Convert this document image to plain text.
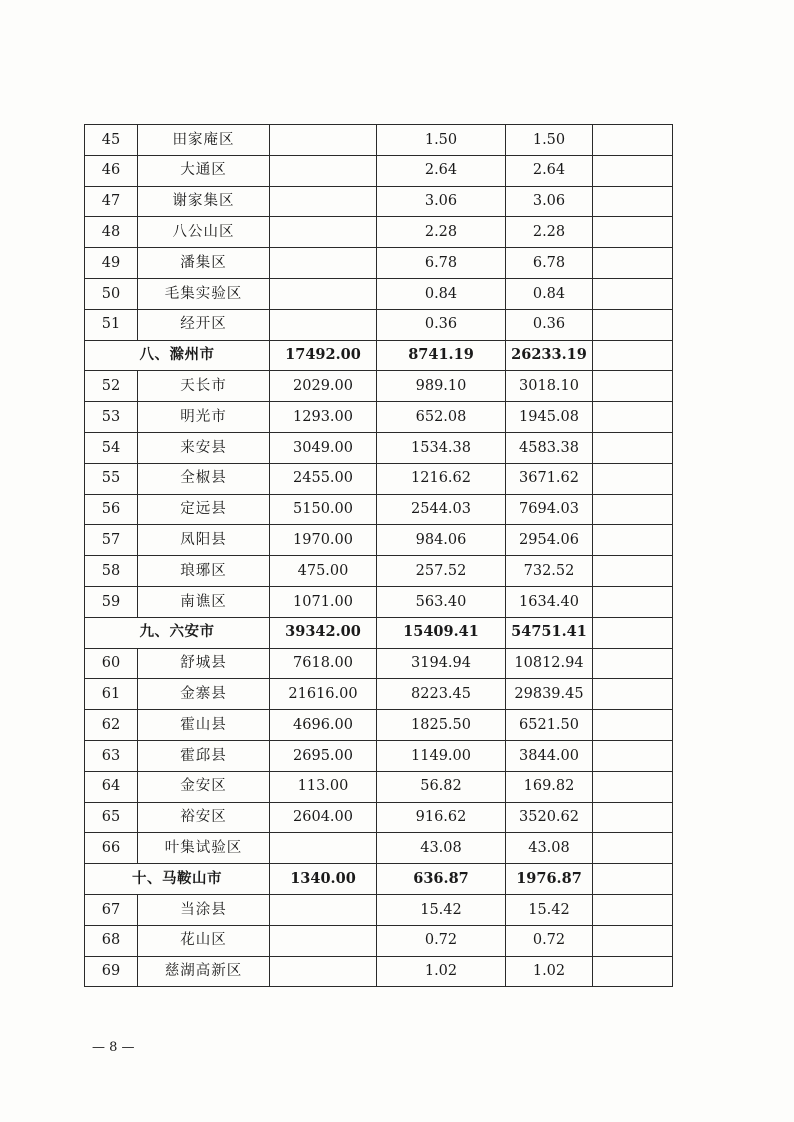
45	田家庵区		1.50	1.50	
46	大通区		2.64	2.64	
47	谢家集区		3.06	3.06	
48	八公山区		2.28	2.28	
49	潘集区		6.78	6.78	
50	毛集实验区		0.84	0.84	
51	经开区		0.36	0.36	
八、滁州市		17492.00	8741.19	26233.19	
52	天长市	2029.00	989.10	3018.10	
53	明光市	1293.00	652.08	1945.08	
54	来安县	3049.00	1534.38	4583.38	
55	全椒县	2455.00	1216.62	3671.62	
56	定远县	5150.00	2544.03	7694.03	
57	凤阳县	1970.00	984.06	2954.06	
58	琅琊区	475.00	257.52	732.52	
59	南谯区	1071.00	563.40	1634.40	
九、六安市		39342.00	15409.41	54751.41	
60	舒城县	7618.00	3194.94	10812.94	
61	金寨县	21616.00	8223.45	29839.45	
62	霍山县	4696.00	1825.50	6521.50	
63	霍邱县	2695.00	1149.00	3844.00	
64	金安区	113.00	56.82	169.82	
65	裕安区	2604.00	916.62	3520.62	
66	叶集试验区		43.08	43.08	
十、马鞍山市		1340.00	636.87	1976.87	
67	当涂县		15.42	15.42	
68	花山区		0.72	0.72	
69	慈湖高新区		1.02	1.02	
— 8 —
